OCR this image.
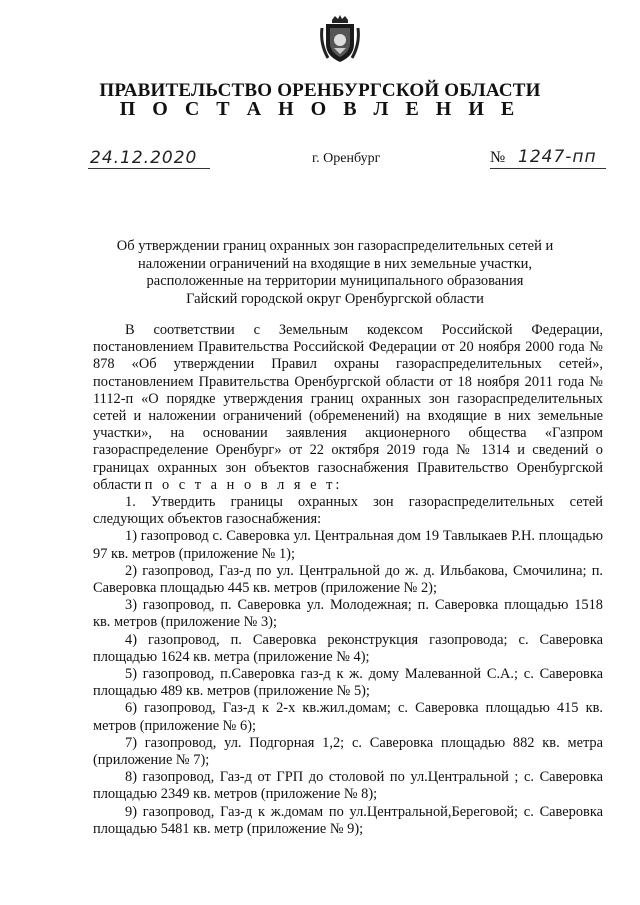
ПРАВИТЕЛЬСТВО ОРЕНБУРГСКОЙ ОБЛАСТИ
П О С Т А Н О В Л Е Н И Е
24.12.2020	г. Оренбург	№ 1247-пп
Об утверждении границ охранных зон газораспределительных сетей и
наложении ограничений на входящие в них земельные участки,
расположенные на территории муниципального образования
Гайский городской округ Оренбургской области

В соответствии с Земельным кодексом Российской Федерации, постановлением Правительства Российской Федерации от 20 ноября 2000 года № 878 «Об утверждении Правил охраны газораспределительных сетей», постановлением Правительства Оренбургской области от 18 ноября 2011 года № 1112-п «О порядке утверждения границ охранных зон газораспределительных сетей и наложении ограничений (обременений) на входящие в них земельные участки», на основании заявления акционерного общества «Газпром газораспределение Оренбург» от 22 октября 2019 года № 1314 и сведений о границах охранных зон объектов газоснабжения Правительство Оренбургской области п о с т а н о в л я е т:

1. Утвердить границы охранных зон газораспределительных сетей следующих объектов газоснабжения:

1) газопровод с. Саверовка ул. Центральная дом 19 Тавлыкаев Р.Н. площадью 97 кв. метров (приложение № 1);

2) газопровод, Газ-д по ул. Центральной до ж. д. Ильбакова, Смочилина; п. Саверовка площадью 445 кв. метров (приложение № 2);

3) газопровод, п. Саверовка ул. Молодежная; п. Саверовка площадью 1518 кв. метров (приложение № 3);

4) газопровод, п. Саверовка реконструкция газопровода; с. Саверовка площадью 1624 кв. метра (приложение № 4);

5) газопровод, п.Саверовка газ-д к ж. дому Малеванной С.А.; с. Саверовка площадью 489 кв. метров (приложение № 5);

6) газопровод, Газ-д к 2-х кв.жил.домам; с. Саверовка площадью 415 кв. метров (приложение № 6);

7) газопровод, ул. Подгорная 1,2; с. Саверовка площадью 882 кв. метра (приложение № 7);

8) газопровод, Газ-д от ГРП до столовой по ул.Центральной ; с. Саверовка площадью 2349 кв. метров (приложение № 8);

9) газопровод, Газ-д к ж.домам по ул.Центральной,Береговой; с. Саверовка площадью 5481 кв. метр (приложение № 9);
